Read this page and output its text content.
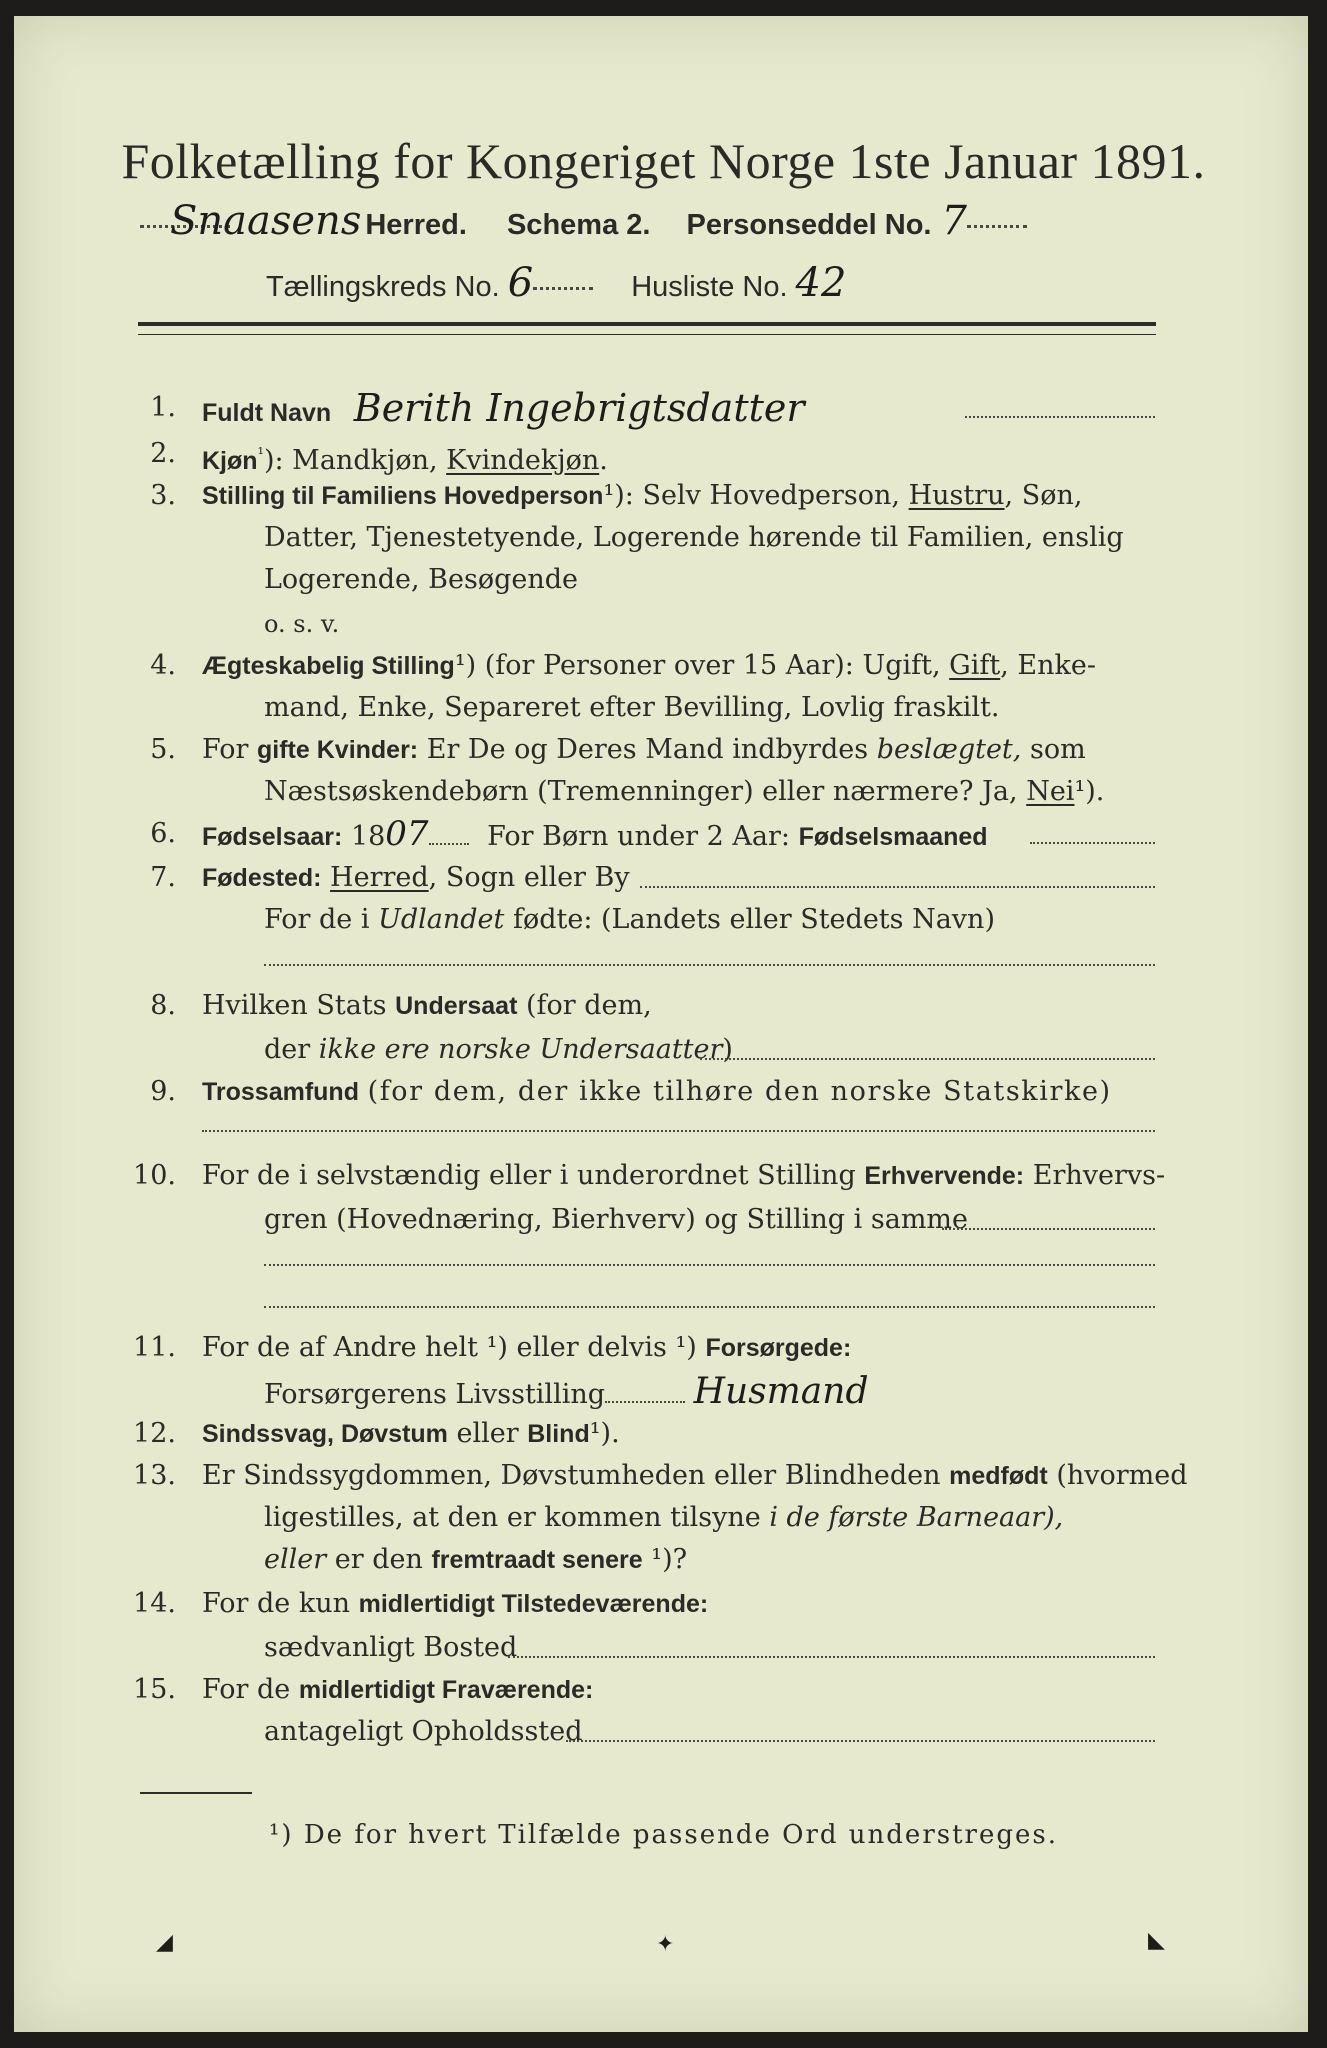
Folketælling for Kongeriget Norge 1ste Januar 1891.
Snaasens Herred. Schema 2. Personseddel No. 7
Tællingskreds No. 6	Husliste No. 42
1. Fuldt Navn Berith Ingebrigtsdatter
2. Kjøn$^{^1}$): Mandkjøn, Kvindekjøn.
3. Stilling til Familiens Hovedperson¹): Selv Hovedperson, Hustru, Søn,
Datter, Tjenestetyende, Logerende hørende til Familien, enslig
Logerende, Besøgende
o. s. v.
4. Ægteskabelig Stilling¹) (for Personer over 15 Aar): Ugift, Gift, Enke-
mand, Enke, Separeret efter Bevilling, Lovlig fraskilt.
5. For gifte Kvinder: Er De og Deres Mand indbyrdes beslægtet, som
Næstsøskendebørn (Tremenninger) eller nærmere? Ja, Nei¹).
6. Fødselsaar: 1807 For Børn under 2 Aar: Fødselsmaaned
7. Fødested: Herred, Sogn eller By
For de i Udlandet fødte: (Landets eller Stedets Navn)
8. Hvilken Stats Undersaat (for dem,
der ikke ere norske Undersaatter)
9. Trossamfund (for dem, der ikke tilhøre den norske Statskirke)
10. For de i selvstændig eller i underordnet Stilling Erhvervende: Erhvervs-
gren (Hovednæring, Bierhverv) og Stilling i samme
11. For de af Andre helt ¹) eller delvis ¹) Forsørgede:
Forsørgerens Livsstilling Husmand
12. Sindssvag, Døvstum eller Blind¹).
13. Er Sindssygdommen, Døvstumheden eller Blindheden medfødt (hvormed
ligestilles, at den er kommen tilsyne i de første Barneaar),
eller er den fremtraadt senere ¹)?
14. For de kun midlertidigt Tilstedeværende:
sædvanligt Bosted
15. For de midlertidigt Fraværende:
antageligt Opholdssted
¹) De for hvert Tilfælde passende Ord understreges.
◢	✦	◣
